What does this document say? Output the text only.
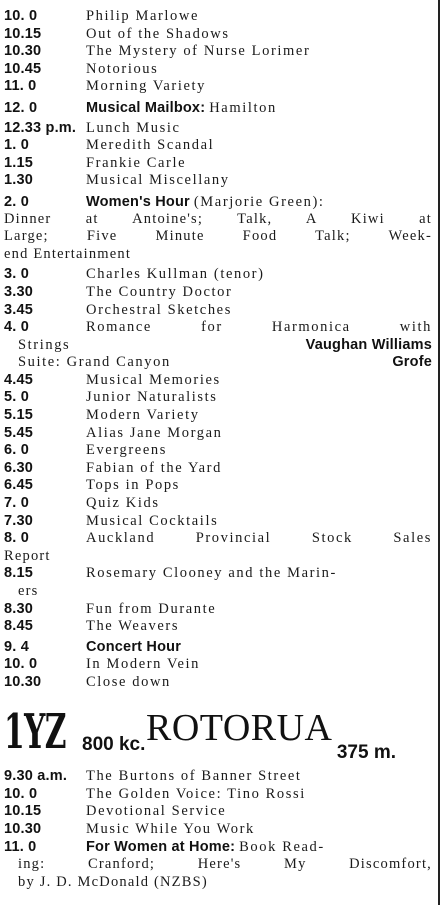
10. 0	Philip Marlowe
10.15	Out of the Shadows
10.30	The Mystery of Nurse Lorimer
10.45	Notorious
11. 0	Morning Variety
12. 0	Musical Mailbox:
Hamilton
12.33 p.m. Lunch Music
1. 0	Meredith Scandal
1.15	Frankie Carle
1.30	Musical Miscellany
2. 0	Women's Hour
(Marjorie Green):
Dinner at Antoine's; Talk, A Kiwi at
Large; Five Minute Food Talk; Week-
end Entertainment
3. 0	Charles Kullman (tenor)
3.30	The Country Doctor
3.45	Orchestral Sketches
4. 0	Romance for Harmonica with
Strings	Vaughan Williams
Suite: Grand Canyon	Grofe
4.45	Musical Memories
5. 0	Junior Naturalists
5.15	Modern Variety
5.45	Alias Jane Morgan
6. 0	Evergreens
6.30	Fabian of the Yard
6.45	Tops in Pops
7. 0	Quiz Kids
7.30	Musical Cocktails
8. 0	Auckland Provincial Stock Sales
Report
8.15	Rosemary Clooney and the Marin-
ers
8.30	Fun from Durante
8.45	The Weavers
9. 4	Concert Hour
10. 0	In Modern Vein
10.30	Close down
1YZ 800 kc. ROTORUA
375 m.
9.30 a.m.	The Burtons of Banner Street
10. 0	The Golden Voice: Tino Rossi
10.15	Devotional Service
10.30	Music While You Work
11. 0	For Women at Home:
Book Read-
ing: Cranford; Here's My Discomfort,
by J. D. McDonald (NZBS)
